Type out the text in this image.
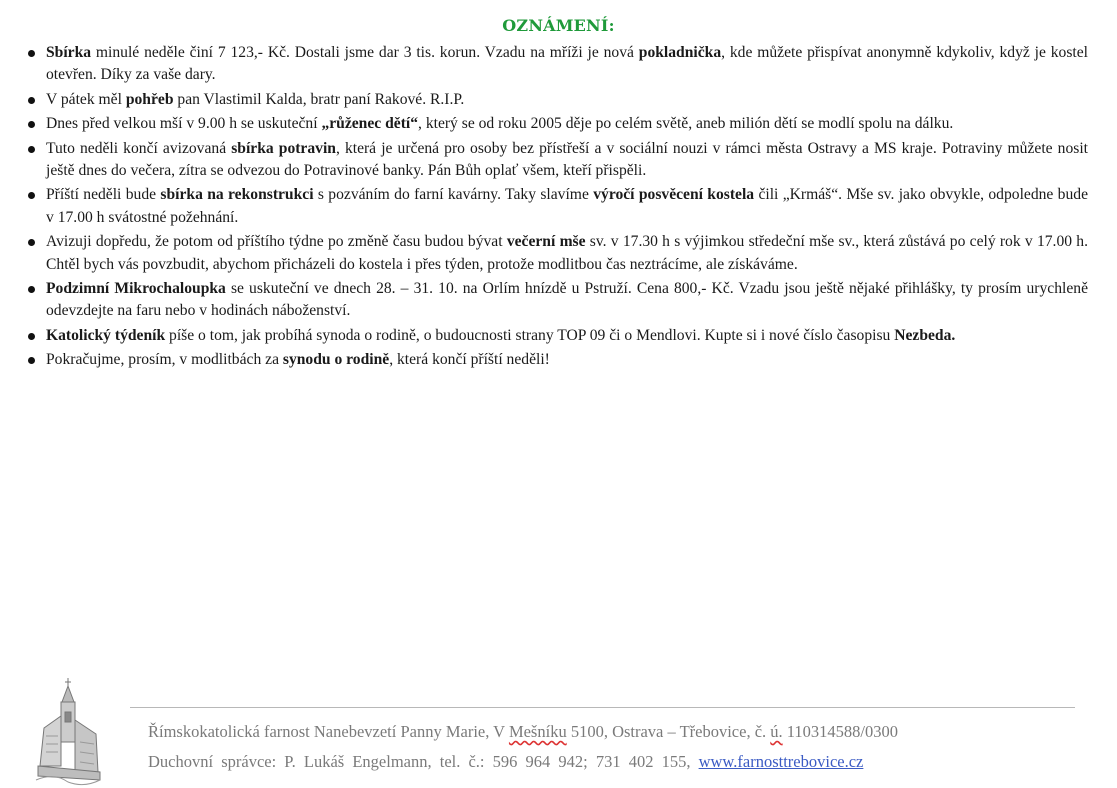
OZNÁMENÍ:
Sbírka minulé neděle činí 7 123,- Kč. Dostali jsme dar 3 tis. korun. Vzadu na mříži je nová pokladnička, kde můžete přispívat anonymně kdykoliv, když je kostel otevřen. Díky za vaše dary.
V pátek měl pohřeb pan Vlastimil Kalda, bratr paní Rakové. R.I.P.
Dnes před velkou mší v 9.00 h se uskuteční „růženec dětí“, který se od roku 2005 děje po celém světě, aneb milión dětí se modlí spolu na dálku.
Tuto neděli končí avizovaná sbírka potravin, která je určená pro osoby bez přístřeší a v sociální nouzi v rámci města Ostravy a MS kraje. Potraviny můžete nosit ještě dnes do večera, zítra se odvezou do Potravinové banky. Pán Bůh oplať všem, kteří přispěli.
Příští neděli bude sbírka na rekonstrukci s pozváním do farní kavárny. Taky slavíme výročí posvěcení kostela čili „Krmáš“. Mše sv. jako obvykle, odpoledne bude v 17.00 h svátostné požehnání.
Avizuji dopředu, že potom od příštího týdne po změně času budou bývat večerní mše sv. v 17.30 h s výjimkou středeční mše sv., která zůstává po celý rok v 17.00 h. Chtěl bych vás povzbudit, abychom přicházeli do kostela i přes týden, protože modlitbou čas neztrácíme, ale získáváme.
Podzimní Mikrochaloupka se uskuteční ve dnech 28. – 31. 10. na Orlím hnízdě u Pstruží. Cena 800,- Kč. Vzadu jsou ještě nějaké přihlášky, ty prosím urychleně odevzdejte na faru nebo v hodinách náboženství.
Katolický týdeník píše o tom, jak probíhá synoda o rodině, o budoucnosti strany TOP 09 či o Mendlovi. Kupte si i nové číslo časopisu Nezbeda.
Pokračujme, prosím, v modlitbách za synodu o rodině, která končí příští neděli!
Římskokatolická farnost Nanebevzetí Panny Marie, V Mešníku 5100, Ostrava – Třebovice, č. ú. 110314588/0300
Duchovní správce: P. Lukáš Engelmann, tel. č.: 596 964 942; 731 402 155, www.farnosttrebovice.cz
